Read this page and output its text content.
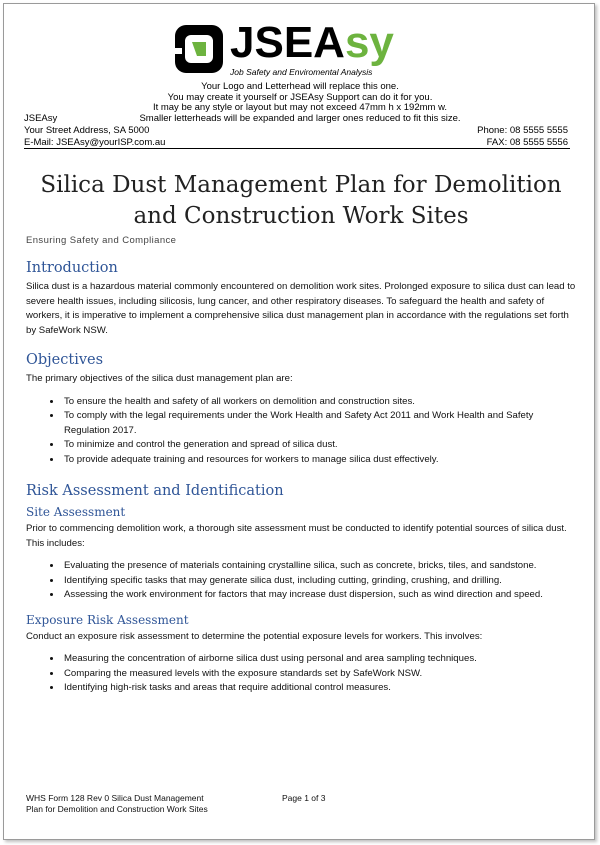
JSEAsy
Job Safety and Enviromental Analysis
Your Logo and Letterhead will replace this one.
You may create it yourself or JSEAsy Support can do it for you.
It may be any style or layout but may not exceed 47mm h x 192mm w.
Smaller letterheads will be expanded and larger ones reduced to fit this size.
JSEAsy
Your Street Address, SA 5000	Phone: 08 5555 5555
E-Mail: JSEAsy@yourISP.com.au	FAX: 08 5555 5556
Silica Dust Management Plan for Demolition and Construction Work Sites
Ensuring Safety and Compliance
Introduction

Silica dust is a hazardous material commonly encountered on demolition work sites. Prolonged exposure to silica dust can lead to severe health issues, including silicosis, lung cancer, and other respiratory diseases. To safeguard the health and safety of workers, it is imperative to implement a comprehensive silica dust management plan in accordance with the regulations set forth by SafeWork NSW.

Objectives

The primary objectives of the silica dust management plan are:

• To ensure the health and safety of all workers on demolition and construction sites.
• To comply with the legal requirements under the Work Health and Safety Act 2011 and Work Health and Safety Regulation 2017.
• To minimize and control the generation and spread of silica dust.
• To provide adequate training and resources for workers to manage silica dust effectively.
Risk Assessment and Identification
Site Assessment

Prior to commencing demolition work, a thorough site assessment must be conducted to identify potential sources of silica dust. This includes:

• Evaluating the presence of materials containing crystalline silica, such as concrete, bricks, tiles, and sandstone.
• Identifying specific tasks that may generate silica dust, including cutting, grinding, crushing, and drilling.
• Assessing the work environment for factors that may increase dust dispersion, such as wind direction and speed.
Exposure Risk Assessment

Conduct an exposure risk assessment to determine the potential exposure levels for workers. This involves:

• Measuring the concentration of airborne silica dust using personal and area sampling techniques.
• Comparing the measured levels with the exposure standards set by SafeWork NSW.
• Identifying high-risk tasks and areas that require additional control measures.
WHS Form 128 Rev 0 Silica Dust Management
Plan for Demolition and Construction Work Sites
Page 1 of 3
